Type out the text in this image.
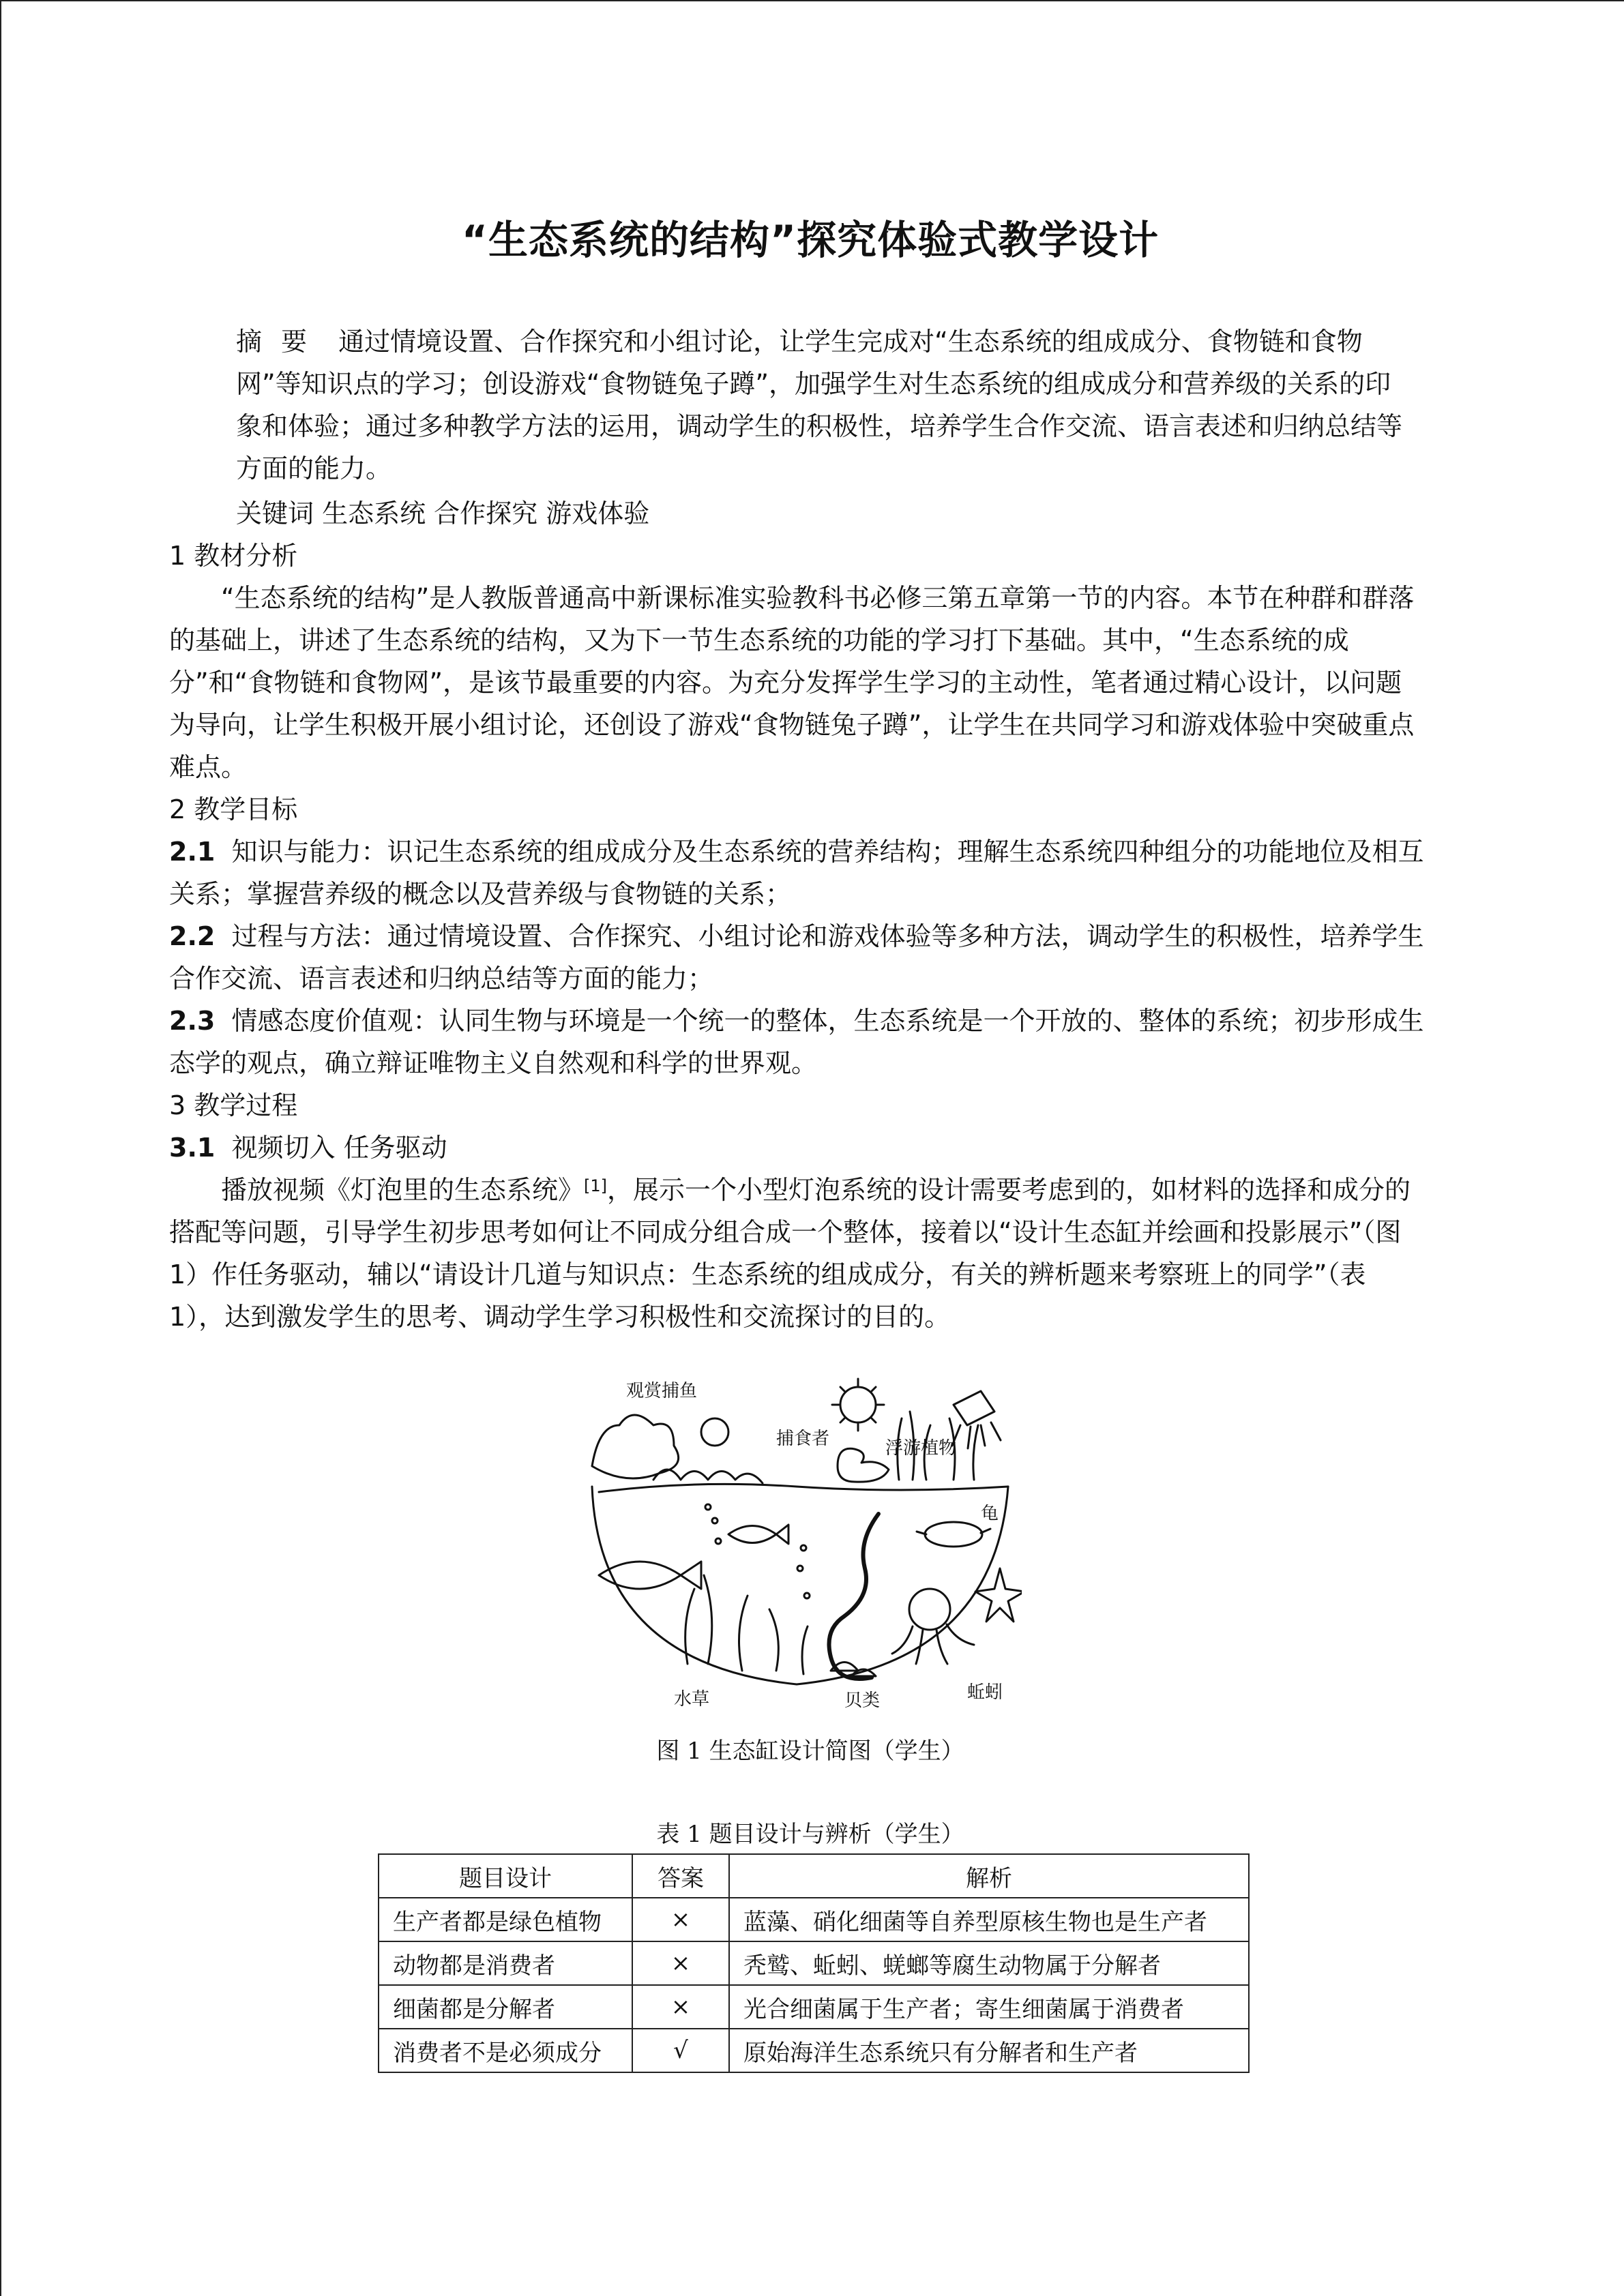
“生态系统的结构”探究体验式教学设计

摘要 通过情境设置、合作探究和小组讨论，让学生完成对“生态系统的组成成分、食物链和食物网”等知识点的学习；创设游戏“食物链兔子蹲”，加强学生对生态系统的组成成分和营养级的关系的印象和体验；通过多种教学方法的运用，调动学生的积极性，培养学生合作交流、语言表述和归纳总结等方面的能力。

关键词 生态系统 合作探究 游戏体验

1 教材分析

“生态系统的结构”是人教版普通高中新课标准实验教科书必修三第五章第一节的内容。本节在种群和群落的基础上，讲述了生态系统的结构，又为下一节生态系统的功能的学习打下基础。其中，“生态系统的成分”和“食物链和食物网”，是该节最重要的内容。为充分发挥学生学习的主动性，笔者通过精心设计，以问题为导向，让学生积极开展小组讨论，还创设了游戏“食物链兔子蹲”，让学生在共同学习和游戏体验中突破重点难点。

2 教学目标

2.1 知识与能力：识记生态系统的组成成分及生态系统的营养结构；理解生态系统四种组分的功能地位及相互关系；掌握营养级的概念以及营养级与食物链的关系；

2.2 过程与方法：通过情境设置、合作探究、小组讨论和游戏体验等多种方法，调动学生的积极性，培养学生合作交流、语言表述和归纳总结等方面的能力；

2.3 情感态度价值观：认同生物与环境是一个统一的整体，生态系统是一个开放的、整体的系统；初步形成生态学的观点，确立辩证唯物主义自然观和科学的世界观。

3 教学过程

3.1 视频切入 任务驱动

播放视频《灯泡里的生态系统》[1]，展示一个小型灯泡系统的设计需要考虑到的，如材料的选择和成分的搭配等问题，引导学生初步思考如何让不同成分组合成一个整体，接着以“设计生态缸并绘画和投影展示”（图 1）作任务驱动，辅以“请设计几道与知识点：生态系统的组成成分，有关的辨析题来考察班上的同学”（表 1），达到激发学生的思考、调动学生学习积极性和交流探讨的目的。

观赏捕鱼
捕食者	浮游植物
龟
水草	贝类	蚯蚓
图 1 生态缸设计简图（学生）
表 1 题目设计与辨析（学生）
题目设计	答案	解析
生产者都是绿色植物	×	蓝藻、硝化细菌等自养型原核生物也是生产者
动物都是消费者	×	秃鹫、蚯蚓、蜣螂等腐生动物属于分解者
细菌都是分解者	×	光合细菌属于生产者；寄生细菌属于消费者
消费者不是必须成分	√	原始海洋生态系统只有分解者和生产者
